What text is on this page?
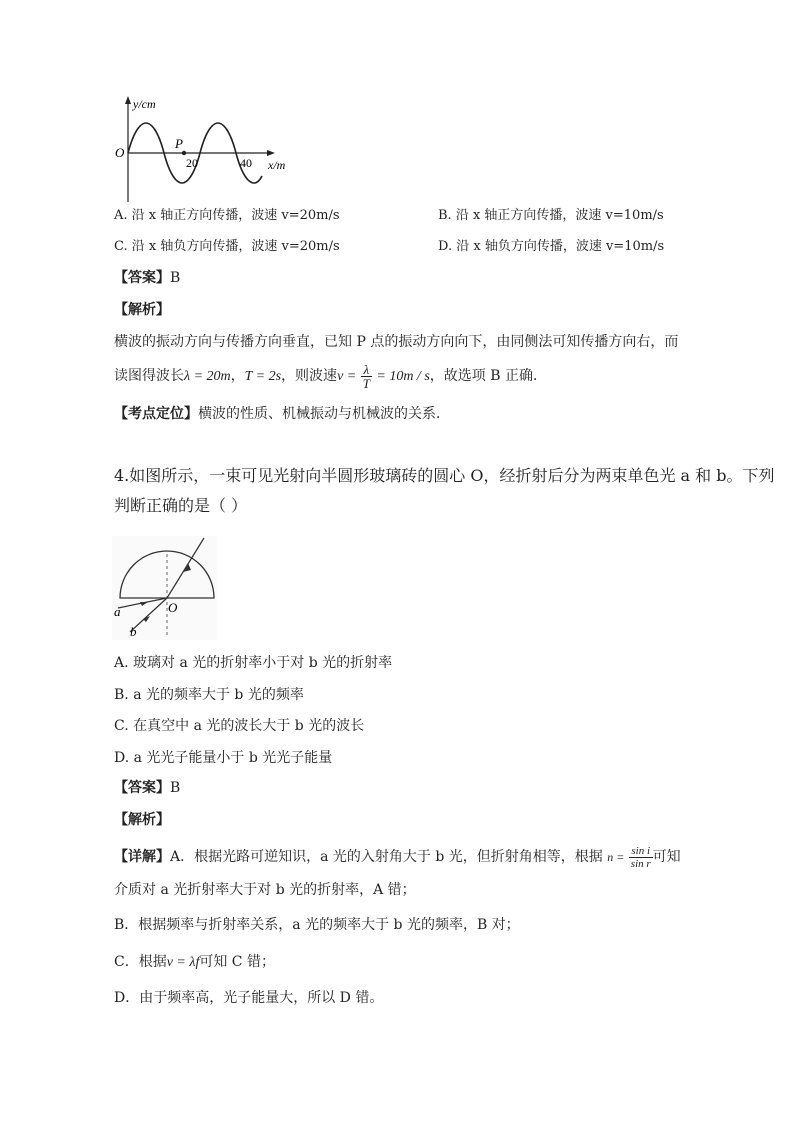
y/cm
O
P
20	40 x/m
A. 沿 x 轴正方向传播，波速 v=20m/s	B. 沿 x 轴正方向传播，波速 v=10m/s
C. 沿 x 轴负方向传播，波速 v=20m/s	D. 沿 x 轴负方向传播，波速 v=10m/s
【答案】B
【解析】
横波的振动方向与传播方向垂直，已知 P 点的振动方向向下，由同侧法可知传播方向右，而
读图得波长λ = 20m，T = 2s，则波速$v = \frac{\lambda}{T} = 10m / s$，故选项 B 正确．
【考点定位】横波的性质、机械振动与机械波的关系．
4.如图所示，一束可见光射向半圆形玻璃砖的圆心 O，经折射后分为两束单色光 a 和 b。下列
判断正确的是（ ）
O
a
b
A. 玻璃对 a 光的折射率小于对 b 光的折射率
B. a 光的频率大于 b 光的频率
C. 在真空中 a 光的波长大于 b 光的波长
D. a 光光子能量小于 b 光光子能量
【答案】B
【解析】
【详解】A．根据光路可逆知识，a 光的入射角大于 b 光，但折射角相等，根据 $n = \frac{\text{sin i}}{\text{sin r}}$ 可知
介质对 a 光折射率大于对 b 光的折射率，A 错；
B．根据频率与折射率关系，a 光的频率大于 b 光的频率，B 对；
C．根据v = λf可知 C 错；
D．由于频率高，光子能量大，所以 D 错。
